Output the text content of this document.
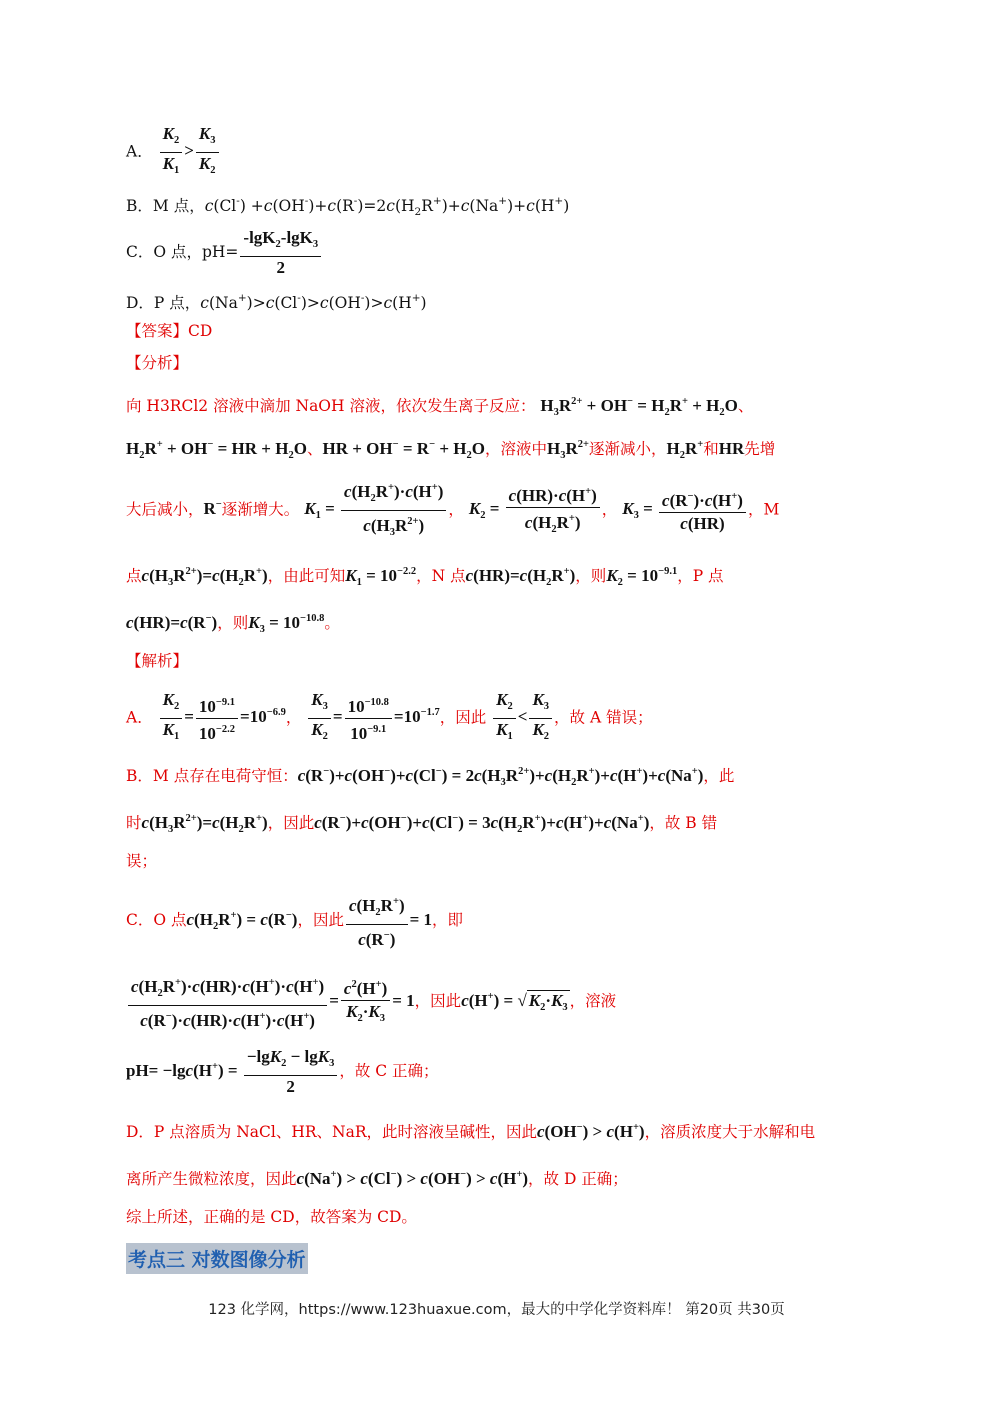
A． $\frac{K_2}{K_1} > \frac{K_3}{K_2}$
B．M 点，$c(Cl^-) +c(OH^-)+c(R^-)=2c(H_2R^+)+c(Na^+)+c(H^+)$
C．O 点，$pH= \frac{-\lg K_2-\lg K_3}{2}$
D．P 点，c(Na+)>c(Cl-)>c(OH-)>c(H+)
【答案】CD
【分析】
向 H3RCl2 溶液中滴加 NaOH 溶液，依次发生离子反应： $H_3R^{2+} + OH^- = H_2R^+ + H_2O$、
$H_2R^+ + OH^-$ = HR + $H_2O$、HR + $OH^- = R^- + H_2O$，溶液中$H_3R^{2+}$逐渐减小，$H_2R^+$和HR先增
大后减小，R−逐渐增大。 $K_1 = \frac{c(H_2R^+)\cdot c(H^+)}{c(H_3R^{2+})}$ ， $K_2 = \frac{c(HR)\cdot c(H^+)}{c(H_2R^+)}$ ， $K_3 = \frac{c(R^-)\cdot c(H^+)}{c(HR)}$ ，M
点$c(H_3R^{2+})=c(H_2R^+)$，由此可知$K_1 = 10^{-2.2}$，N 点$c(HR)=c(H_2R^+)$，则$K_2 = 10^{-9.1}$，P 点
c(HR)=c(R−)，则$K_3 = 10^{-10.8}$。
【解析】
A． $\frac{K_2}{K_1} = \frac{10^{-9.1}}{10^{-2.2}} =10^{-6.9}$， $\frac{K_3}{K_2} = \frac{10^{-10.8}}{10^{-9.1}} =10^{-1.7}$，因此 $\frac{K_2}{K_1} < \frac{K_3}{K_2}$ ，故 A 错误；
B．M 点存在电荷守恒：$c(R^-)+c(OH^-)+c(Cl^-) = 2c(H_3R^{2+})+c(H_2R^+)+c(H^+)+c(Na^+)$，此
时$c(H_3R^{2+})=c(H_2R^+)$，因此$c(R^-)+c(OH^-)+c(Cl^-) = 3c(H_2R^+)+c(H^+)+c(Na^+)$，故 B 错
误；
C．O 点$c(H_2R^+) = c(R^-)$，因此 $\frac{c(H_2R^+)}{c(R^-)} = 1$，即
$\frac{c(H_2R^+)\cdot c(HR)\cdot c(H^+)\cdot c(H^+)}{c(R^-)\cdot c(HR)\cdot c(H^+)\cdot c(H^+)} = \frac{c^2(H^+)}{K_2\cdot K_3} = 1$，因此c(H+) = √ $K_2\cdot K_3$ ，溶液
$pH= -\lg c(H^+) = \frac{-\lg K_2 - \lg K_3}{2}$ ，故 C 正确；
D．P 点溶质为 NaCl、HR、NaR，此时溶液呈碱性，因此c(OH−) > c(H+)，溶质浓度大于水解和电
离所产生微粒浓度，因此c(Na+) > c(Cl−) > c(OH−) > c(H+)，故 D 正确；
综上所述，正确的是 CD，故答案为 CD。
考点三 对数图像分析
123 化学网，https://www.123huaxue.com，最大的中学化学资料库！ 第20页 共30页
